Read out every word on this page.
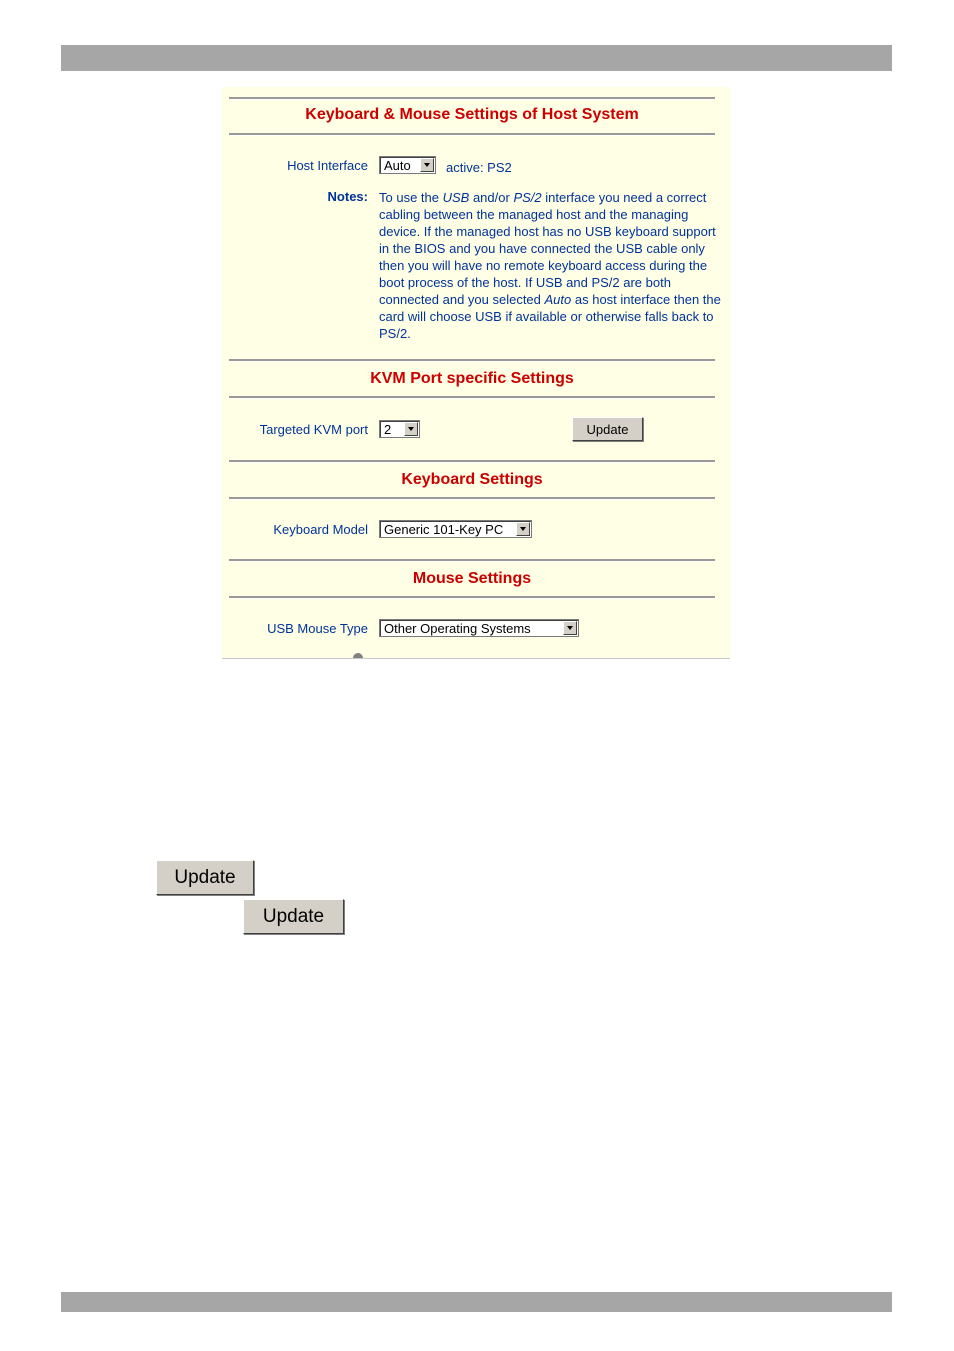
Keyboard & Mouse Settings of Host System
Host Interface Auto	active: PS2
Notes: To use the USB and/or PS/2 interface you need a correct cabling between the managed host and the managing device. If the managed host has no USB keyboard support in the BIOS and you have connected the USB cable only then you will have no remote keyboard access during the boot process of the host. If USB and PS/2 are both connected and you selected Auto as host interface then the card will choose USB if available or otherwise falls back to PS/2.
KVM Port specific Settings
Targeted KVM port 2	Update
Keyboard Settings
Keyboard Model Generic 101-Key PC
Mouse Settings
USB Mouse Type Other Operating Systems
Update
Update
